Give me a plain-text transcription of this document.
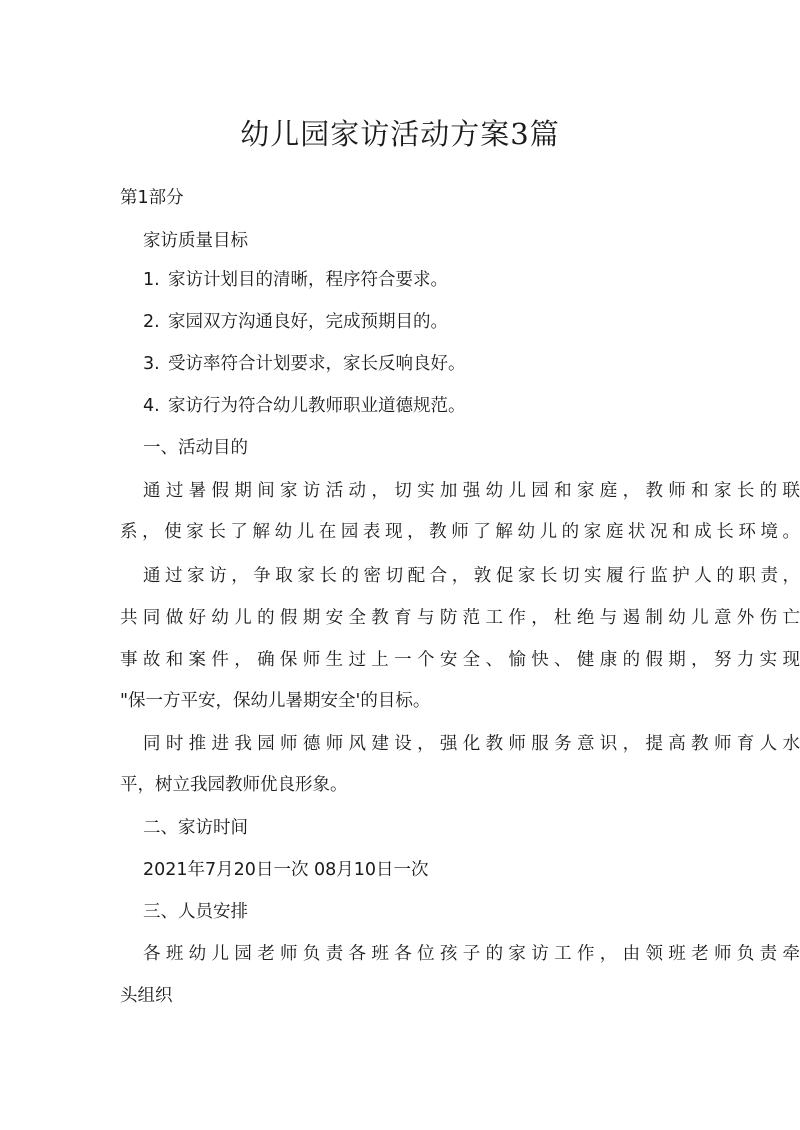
幼儿园家访活动方案3篇
第1部分
家访质量目标
1. 家访计划目的清晰，程序符合要求。
2. 家园双方沟通良好，完成预期目的。
3. 受访率符合计划要求，家长反响良好。
4. 家访行为符合幼儿教师职业道德规范。
一、活动目的
通过暑假期间家访活动，切实加强幼儿园和家庭，教师和家长的联
系，使家长了解幼儿在园表现，教师了解幼儿的家庭状况和成长环境。
通过家访，争取家长的密切配合，敦促家长切实履行监护人的职责，
共同做好幼儿的假期安全教育与防范工作，杜绝与遏制幼儿意外伤亡
事故和案件，确保师生过上一个安全、愉快、健康的假期，努力实现
"保一方平安，保幼儿暑期安全'的目标。
同时推进我园师德师风建设，强化教师服务意识，提高教师育人水
平，树立我园教师优良形象。
二、家访时间
2021年7月20日一次 08月10日一次
三、人员安排
各班幼儿园老师负责各班各位孩子的家访工作，由领班老师负责牵
头组织
